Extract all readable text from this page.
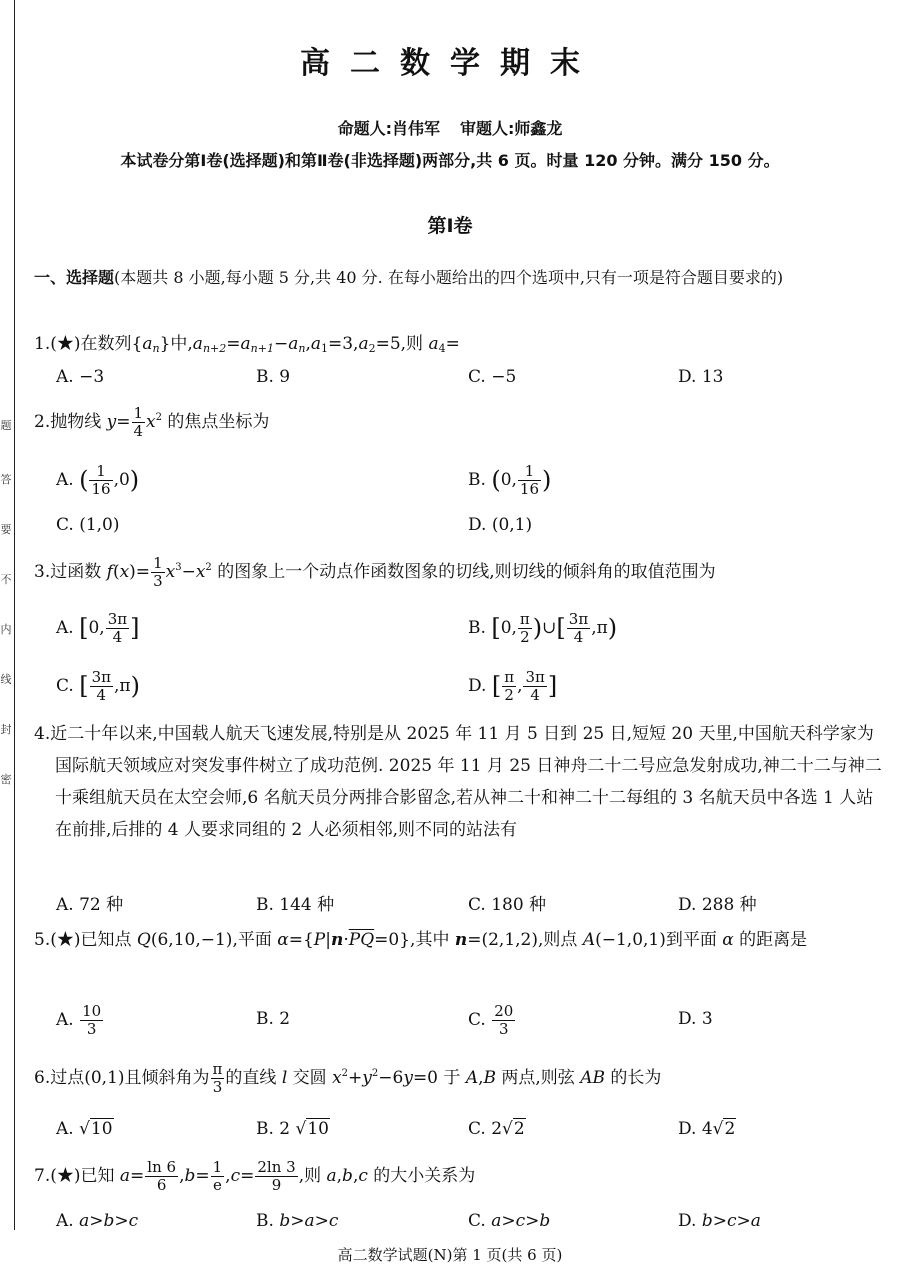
题
答
要
不
内
线
封
密
高二数学期末
命题人:肖伟军 审题人:师鑫龙
本试卷分第Ⅰ卷(选择题)和第Ⅱ卷(非选择题)两部分,共 6 页。时量 120 分钟。满分 150 分。
第Ⅰ卷
一、选择题(本题共 8 小题,每小题 5 分,共 40 分. 在每小题给出的四个选项中,只有一项是符合题目要求的)
1.(★)在数列$\{a_n\}$中$,a_{n+2}=a_{n+1}-a_n,a_1=3,a_2=5$,则 $a_4=$
A. −3	B. 9	C. −5	D. 13
2.抛物线 $y= \frac{1}{4} x^2$ 的焦点坐标为
A. ( $\frac{1}{16} ,0$)	B. (0, $\frac{1}{16}$ )
C. (1,0)	D. (0,1)
3.过函数 $f(x)= \frac{1}{3} x^3-x^2$ 的图象上一个动点作函数图象的切线,则切线的倾斜角的取值范围为
A. [0, $\frac{3\pi}{4}$ ]	B. [0, $\frac{\pi}{2}$ )∪[ $\frac{3\pi}{4} ,\pi$)
C. [ $\frac{3\pi}{4} ,\pi$)	D. [ $\frac{\pi}{2}$ , $\frac{3\pi}{4}$ ]
4.近二十年以来,中国载人航天飞速发展,特别是从 2025 年 11 月 5 日到 25 日,短短 20 天里,中国航天科学家为国际航天领域应对突发事件树立了成功范例. 2025 年 11 月 25 日神舟二十二号应急发射成功,神二十二与神二十乘组航天员在太空会师,6 名航天员分两排合影留念,若从神二十和神二十二每组的 3 名航天员中各选 1 人站在前排,后排的 4 人要求同组的 2 人必须相邻,则不同的站法有
A. 72 种	B. 144 种	C. 180 种	D. 288 种
5.(★)已知点 Q(6,10,−1),平面 $\alpha=\{P|n\cdot\overline{PQ}=0\}$,其中 n=(2,1,2),则点 A(−1,0,1)到平面 α 的距离是
A. $\frac{10}{3}$	B. 2	C. $\frac{20}{3}$	D. 3
6.过点(0,1)且倾斜角为 $\frac{\pi}{3}$ 的直线 l 交圆 $x^2+y^2-6y=0$ 于 A,B 两点,则弦 AB 的长为
A. √10	B. 2 √10	C. 2√2	D. 4√2
7.(★)已知 $a= \frac{\ln 6}{6} ,b= \frac{1}{e} ,c= \frac{2\ln 3}{9}$ ,则 a,b,c 的大小关系为
A. a>b>c	B. b>a>c	C. a>c>b	D. b>c>a
高二数学试题(N)第 1 页(共 6 页)
